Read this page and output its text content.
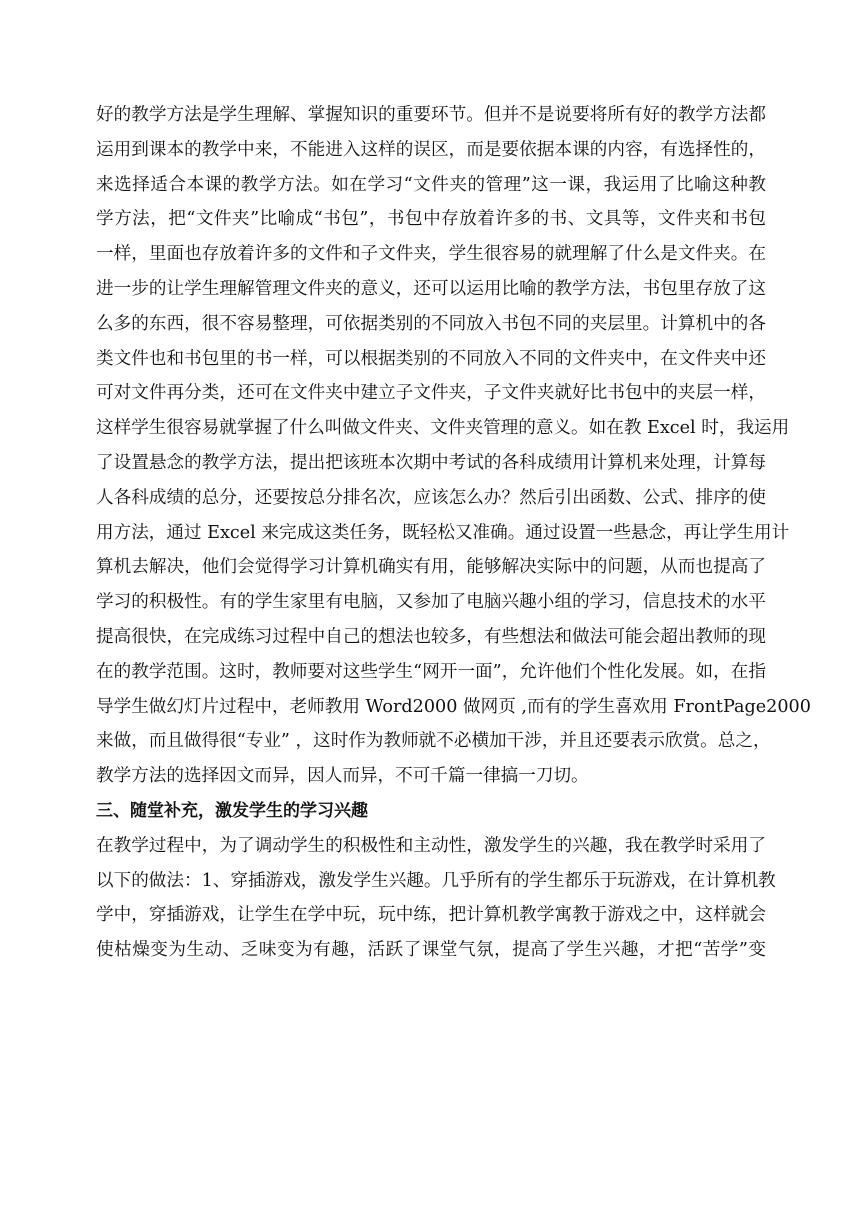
好的教学方法是学生理解、掌握知识的重要环节。但并不是说要将所有好的教学方法都
运用到课本的教学中来，不能进入这样的误区，而是要依据本课的内容，有选择性的，
来选择适合本课的教学方法。如在学习“文件夹的管理”这一课，我运用了比喻这种教
学方法，把“文件夹”比喻成“书包”，书包中存放着许多的书、文具等，文件夹和书包
一样，里面也存放着许多的文件和子文件夹，学生很容易的就理解了什么是文件夹。在
进一步的让学生理解管理文件夹的意义，还可以运用比喻的教学方法，书包里存放了这
么多的东西，很不容易整理，可依据类别的不同放入书包不同的夹层里。计算机中的各
类文件也和书包里的书一样，可以根据类别的不同放入不同的文件夹中，在文件夹中还
可对文件再分类，还可在文件夹中建立子文件夹，子文件夹就好比书包中的夹层一样，
这样学生很容易就掌握了什么叫做文件夹、文件夹管理的意义。如在教 Excel 时，我运用
了设置悬念的教学方法，提出把该班本次期中考试的各科成绩用计算机来处理，计算每
人各科成绩的总分，还要按总分排名次，应该怎么办？然后引出函数、公式、排序的使
用方法，通过 Excel 来完成这类任务，既轻松又准确。通过设置一些悬念，再让学生用计
算机去解决，他们会觉得学习计算机确实有用，能够解决实际中的问题，从而也提高了
学习的积极性。有的学生家里有电脑，又参加了电脑兴趣小组的学习，信息技术的水平
提高很快，在完成练习过程中自己的想法也较多，有些想法和做法可能会超出教师的现
在的教学范围。这时，教师要对这些学生“网开一面”，允许他们个性化发展。如，在指
导学生做幻灯片过程中，老师教用 Word2000 做网页 ,而有的学生喜欢用 FrontPage2000
来做，而且做得很“专业” ，这时作为教师就不必横加干涉，并且还要表示欣赏。总之，
教学方法的选择因文而异，因人而异，不可千篇一律搞一刀切。
三、随堂补充，激发学生的学习兴趣
在教学过程中，为了调动学生的积极性和主动性，激发学生的兴趣，我在教学时采用了
以下的做法：1、穿插游戏，激发学生兴趣。几乎所有的学生都乐于玩游戏，在计算机教
学中，穿插游戏，让学生在学中玩，玩中练，把计算机教学寓教于游戏之中，这样就会
使枯燥变为生动、乏味变为有趣，活跃了课堂气氛，提高了学生兴趣，才把“苦学”变
